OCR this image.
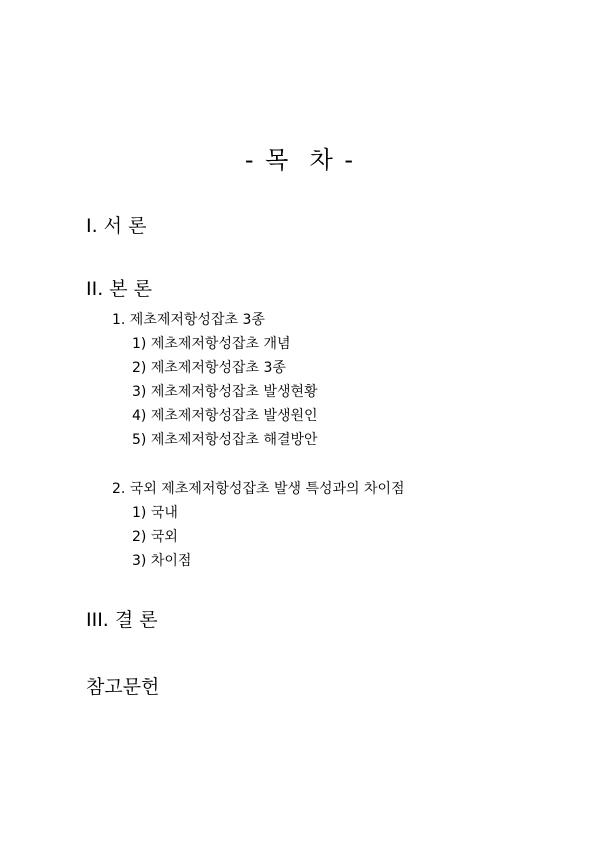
- 목  차 -
I. 서 론
II. 본 론
1. 제초제저항성잡초 3종
1) 제초제저항성잡초 개념
2) 제초제저항성잡초 3종
3) 제초제저항성잡초 발생현황
4) 제초제저항성잡초 발생원인
5) 제초제저항성잡초 해결방안
2. 국외 제초제저항성잡초 발생 특성과의 차이점
1) 국내
2) 국외
3) 차이점
III. 결 론
참고문헌
